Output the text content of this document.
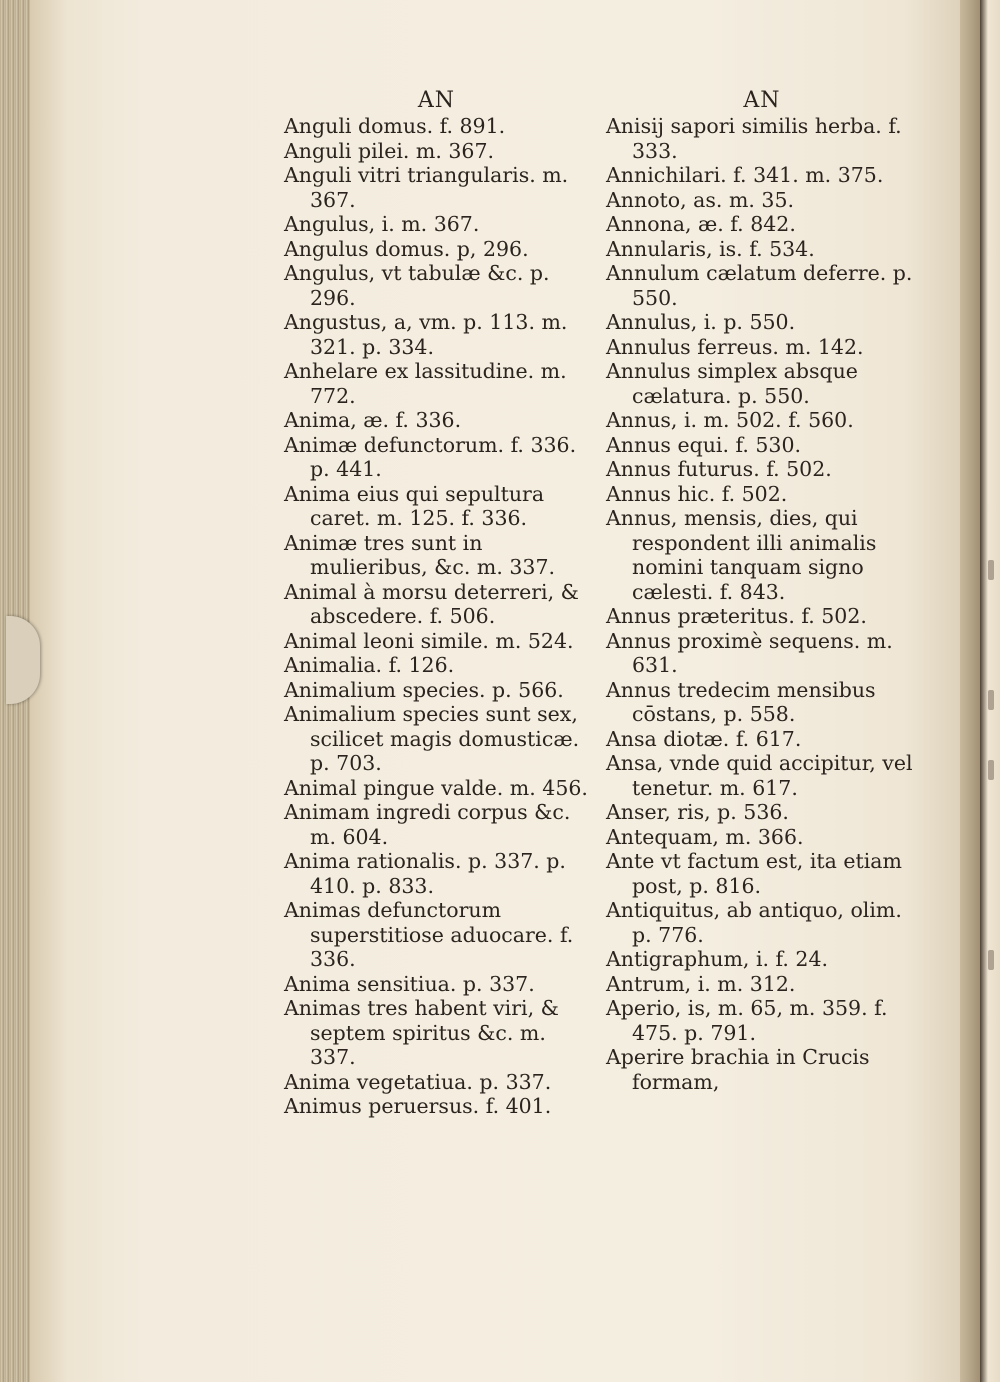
AN

Anguli domus. f. 891.

Anguli pilei. m. 367.

Anguli vitri triangularis. m. 367.

Angulus, i. m. 367.

Angulus domus. p, 296.

Angulus, vt tabulæ &c. p. 296.

Angustus, a, vm. p. 113. m. 321. p. 334.

Anhelare ex lassitudine. m. 772.

Anima, æ. f. 336.

Animæ defunctorum. f. 336. p. 441.

Anima eius qui sepultura caret. m. 125. f. 336.

Animæ tres sunt in mulieribus, &c. m. 337.

Animal à morsu deterreri, & abscedere. f. 506.

Animal leoni simile. m. 524.

Animalia. f. 126.

Animalium species. p. 566.

Animalium species sunt sex, scilicet magis domusticæ. p. 703.

Animal pingue valde. m. 456.

Animam ingredi corpus &c. m. 604.

Anima rationalis. p. 337. p. 410. p. 833.

Animas defunctorum superstitiose aduocare. f. 336.

Anima sensitiua. p. 337.

Animas tres habent viri, & septem spiritus &c. m. 337.

Anima vegetatiua. p. 337.

Animus peruersus. f. 401.

AN

Anisij sapori similis herba. f. 333.

Annichilari. f. 341. m. 375.

Annoto, as. m. 35.

Annona, æ. f. 842.

Annularis, is. f. 534.

Annulum cælatum deferre. p. 550.

Annulus, i. p. 550.

Annulus ferreus. m. 142.

Annulus simplex absque cælatura. p. 550.

Annus, i. m. 502. f. 560.

Annus equi. f. 530.

Annus futurus. f. 502.

Annus hic. f. 502.

Annus, mensis, dies, qui respondent illi animalis nomini tanquam signo cælesti. f. 843.

Annus præteritus. f. 502.

Annus proximè sequens. m. 631.

Annus tredecim mensibus cōstans, p. 558.

Ansa diotæ. f. 617.

Ansa, vnde quid accipitur, vel tenetur. m. 617.

Anser, ris, p. 536.

Antequam, m. 366.

Ante vt factum est, ita etiam post, p. 816.

Antiquitus, ab antiquo, olim. p. 776.

Antigraphum, i. f. 24.

Antrum, i. m. 312.

Aperio, is, m. 65, m. 359. f. 475. p. 791.

Aperire brachia in Crucis formam,
